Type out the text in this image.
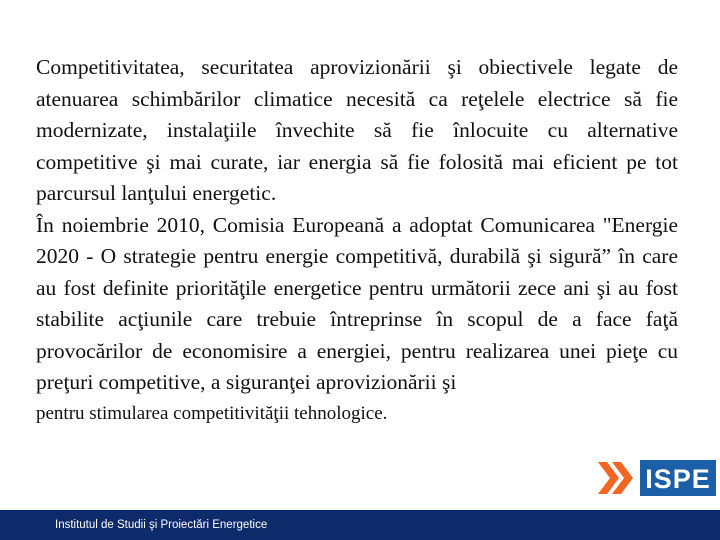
Competitivitatea, securitatea aprovizionării şi obiectivele legate de atenuarea schimbărilor climatice necesită ca reţelele electrice să fie modernizate, instalaţiile învechite să fie înlocuite cu alternative competitive şi mai curate, iar energia să fie folosită mai eficient pe tot parcursul lanţului energetic.

În noiembrie 2010, Comisia Europeană a adoptat Comunicarea "Energie 2020 - O strategie pentru energie competitivă, durabilă şi sigură” în care au fost definite priorităţile energetice pentru următorii zece ani şi au fost stabilite acţiunile care trebuie întreprinse în scopul de a face faţă provocărilor de economisire a energiei, pentru realizarea unei pieţe cu preţuri competitive, a siguranţei aprovizionării şi

pentru stimularea competitivităţii tehnologice.

ISPE
Institutul de Studii şi Proiectări Energetice
